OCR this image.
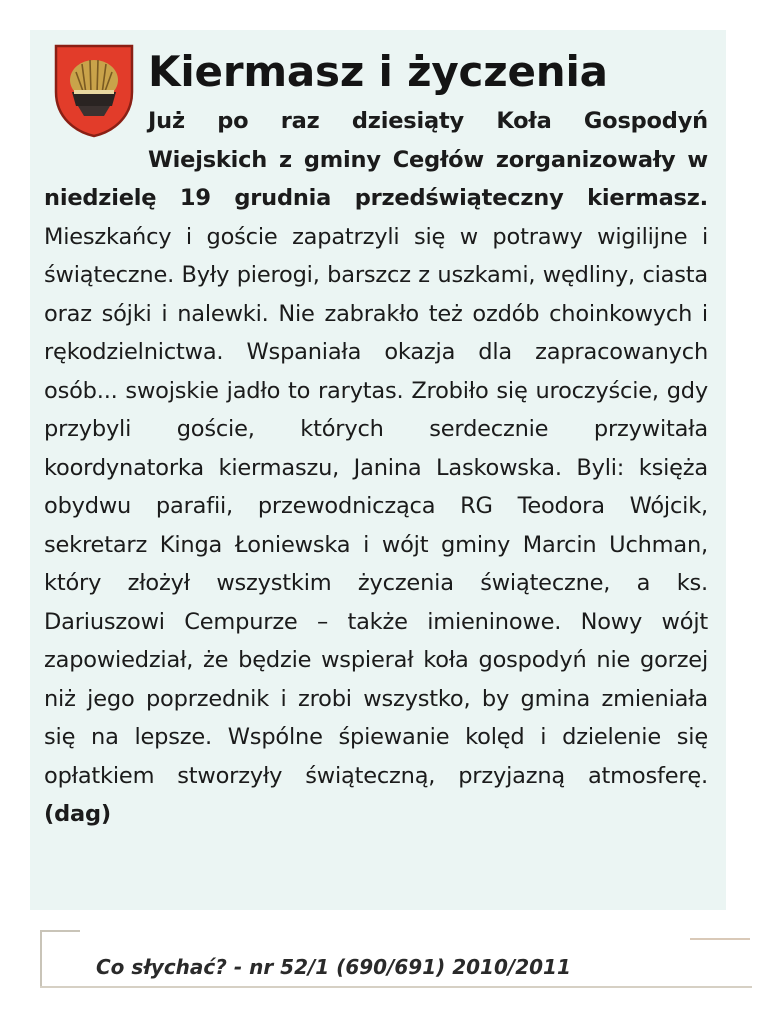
Kiermasz i życzenia

Już po raz dziesiąty Koła Gospodyń Wiejskich z gminy Cegłów zorganizowały w niedzielę 19 grudnia przedświąteczny kiermasz. Mieszkańcy i goście zapatrzyli się w potrawy wigilijne i świąteczne. Były pierogi, barszcz z uszkami, wędliny, ciasta oraz sójki i nalewki. Nie zabrakło też ozdób choinkowych i rękodzielnictwa. Wspaniała okazja dla zapracowanych osób... swojskie jadło to rarytas. Zrobiło się uroczyście, gdy przybyli goście, których serdecznie przywitała koordynatorka kiermaszu, Janina Laskowska. Byli: księża obydwu parafii, przewodnicząca RG Teodora Wójcik, sekretarz Kinga Łoniewska i wójt gminy Marcin Uchman, który złożył wszystkim życzenia świąteczne, a ks. Dariuszowi Cempurze – także imieninowe. Nowy wójt zapowiedział, że będzie wspierał koła gospodyń nie gorzej niż jego poprzednik i zrobi wszystko, by gmina zmieniała się na lepsze. Wspólne śpiewanie kolęd i dzielenie się opłatkiem stworzyły świąteczną, przyjazną atmosferę. (dag)

Co słychać? - nr 52/1 (690/691) 2010/2011
